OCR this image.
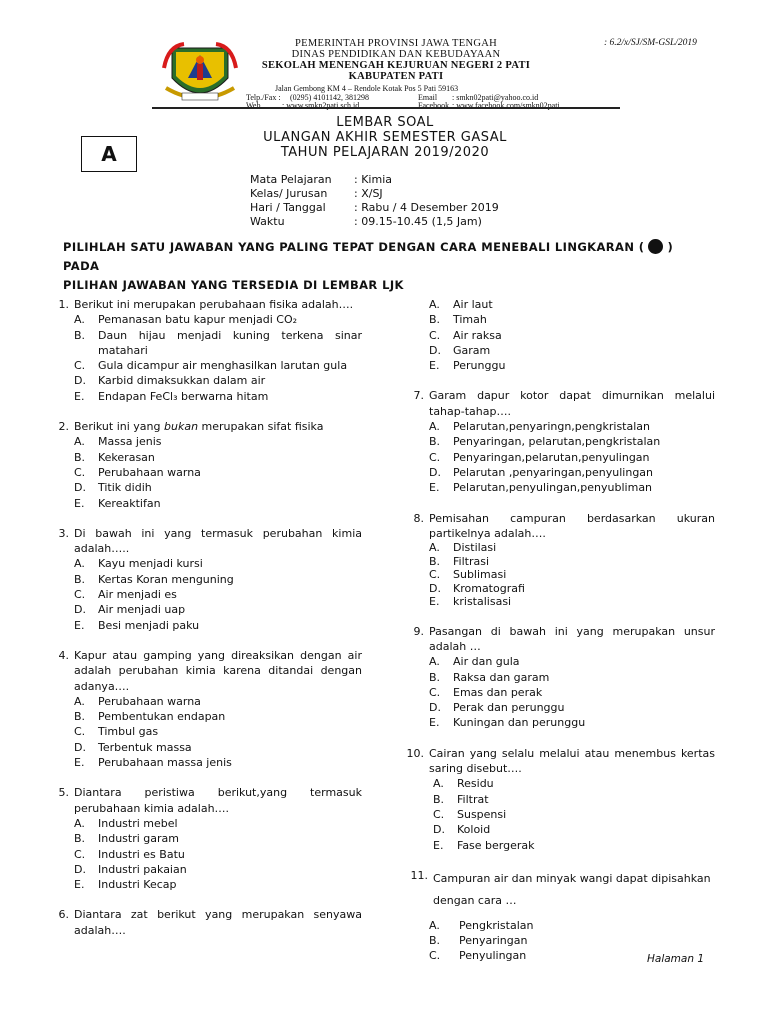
PEMERINTAH PROVINSI JAWA TENGAH
DINAS PENDIDIKAN DAN KEBUDAYAAN
SEKOLAH MENENGAH KEJURUAN NEGERI 2 PATI
KABUPATEN PATI
Jalan Gembong KM 4 – Rendole Kotak Pos 5 Pati 59163
Telp./Fax : (0295) 4101142, 381298	Email : smkn02pati@yahoo.co.id
Web	: www.smkn2pati.sch.id	Facebook : www.facebook.com/smkn02pati
: 6.2/x/SJ/SM-GSL/2019
LEMBAR SOAL
ULANGAN AKHIR SEMESTER GASAL
TAHUN PELAJARAN 2019/2020
A
Mata Pelajaran	: Kimia
Kelas/ Jurusan	: X/SJ
Hari / Tanggal	: Rabu / 4 Desember 2019
Waktu	: 09.15-10.45 (1,5 Jam)
PILIHLAH SATU JAWABAN YANG PALING TEPAT DENGAN CARA MENEBALI LINGKARAN ( ) PADA
PILIHAN JAWABAN YANG TERSEDIA DI LEMBAR LJK
1. Berikut ini merupakan perubahaan fisika adalah….
A.	Pemanasan batu kapur menjadi CO₂
B.	Daun hijau menjadi kuning terkena sinar matahari
C.	Gula dicampur air menghasilkan larutan gula
D.	Karbid dimaksukkan dalam air
E.	Endapan FeCl₃ berwarna hitam
2. Berikut ini yang bukan merupakan sifat fisika
A.	Massa jenis
B.	Kekerasan
C.	Perubahaan warna
D.	Titik didih
E.	Kereaktifan
3. Di bawah ini yang termasuk perubahan kimia adalah…..
A.	Kayu menjadi kursi
B.	Kertas Koran menguning
C.	Air menjadi es
D.	Air menjadi uap
E.	Besi menjadi paku
4. Kapur atau gamping yang direaksikan dengan air adalah perubahan kimia karena ditandai dengan adanya….
A.	Perubahaan warna
B.	Pembentukan endapan
C.	Timbul gas
D.	Terbentuk massa
E.	Perubahaan massa jenis
5. Diantara peristiwa berikut,yang termasuk perubahaan kimia adalah….
A.	Industri mebel
B.	Industri garam
C.	Industri es Batu
D.	Industri pakaian
E.	Industri Kecap
6. Diantara zat berikut yang merupakan senyawa adalah….
A.	Air laut
B.	Timah
C.	Air raksa
D.	Garam
E.	Perunggu
7. Garam dapur kotor dapat dimurnikan melalui tahap-tahap….
A.	Pelarutan,penyaringn,pengkristalan
B.	Penyaringan, pelarutan,pengkristalan
C.	Penyaringan,pelarutan,penyulingan
D.	Pelarutan ,penyaringan,penyulingan
E.	Pelarutan,penyulingan,penyubliman
8. Pemisahan campuran berdasarkan ukuran partikelnya adalah….
A.	Distilasi
B.	Filtrasi
C.	Sublimasi
D.	Kromatografi
E.	kristalisasi
9. Pasangan di bawah ini yang merupakan unsur adalah …
A.	Air dan gula
B.	Raksa dan garam
C.	Emas dan perak
D.	Perak dan perunggu
E.	Kuningan dan perunggu
10. Cairan yang selalu melalui atau menembus kertas saring disebut….
A.	Residu
B.	Filtrat
C.	Suspensi
D.	Koloid
E.	Fase bergerak
11. Campuran air dan minyak wangi dapat dipisahkan
dengan cara …
A.	Pengkristalan
B.	Penyaringan
C.	Penyulingan	Halaman 1
